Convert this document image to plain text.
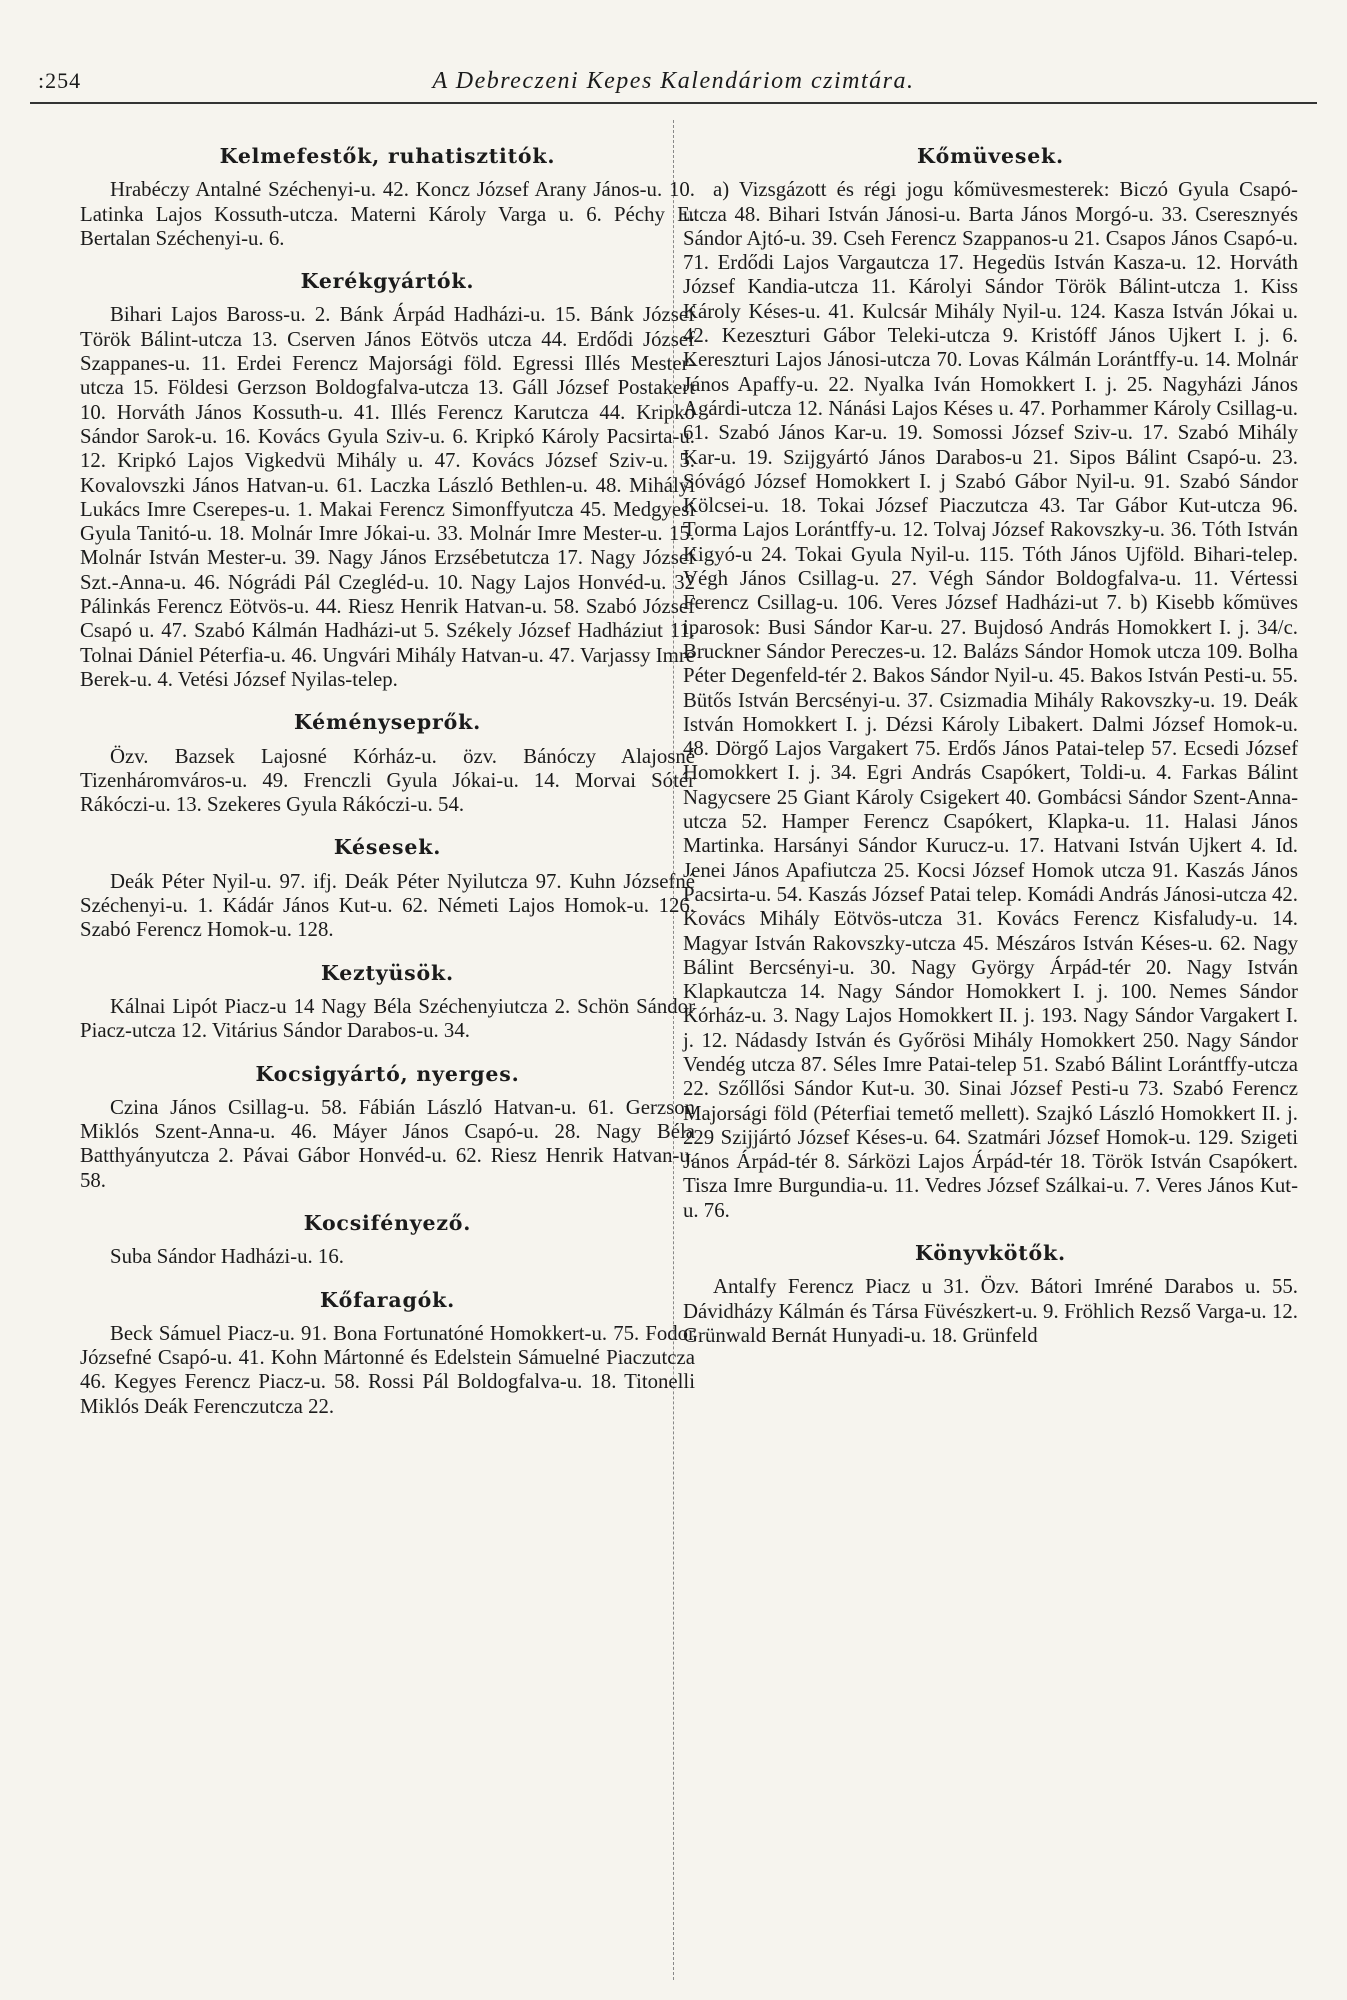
:254	A Debreczeni Kepes Kalendáriom czimtára.
Kelmefestők, ruhatisztitók.

Hrabéczy Antalné Széchenyi-u. 42. Koncz József Arany János-u. 10. Latinka Lajos Kossuth-utcza. Materni Károly Varga u. 6. Péchy E. Bertalan Széchenyi-u. 6.

Kerékgyártók.

Bihari Lajos Baross-u. 2. Bánk Árpád Hadházi-u. 15. Bánk József Török Bálint-utcza 13. Cserven János Eötvös utcza 44. Erdődi József Szappanes-u. 11. Erdei Ferencz Majorsági föld. Egressi Illés Mester-utcza 15. Földesi Gerzson Boldogfalva-utcza 13. Gáll József Postakert 10. Horváth János Kossuth-u. 41. Illés Ferencz Karutcza 44. Kripkó Sándor Sarok-u. 16. Kovács Gyula Sziv-u. 6. Kripkó Károly Pacsirta-u. 12. Kripkó Lajos Vigkedvü Mihály u. 47. Kovács József Sziv-u. 5. Kovalovszki János Hatvan-u. 61. Laczka László Bethlen-u. 48. Mihályi Lukács Imre Cserepes-u. 1. Makai Ferencz Simonffyutcza 45. Medgyesi Gyula Tanitó-u. 18. Molnár Imre Jókai-u. 33. Molnár Imre Mester-u. 15. Molnár István Mester-u. 39. Nagy János Erzsébetutcza 17. Nagy József Szt.-Anna-u. 46. Nógrádi Pál Czegléd-u. 10. Nagy Lajos Honvéd-u. 32 Pálinkás Ferencz Eötvös-u. 44. Riesz Henrik Hatvan-u. 58. Szabó József Csapó u. 47. Szabó Kálmán Hadházi-ut 5. Székely József Hadháziut 11. Tolnai Dániel Péterfia-u. 46. Ungvári Mihály Hatvan-u. 47. Varjassy Imre Berek-u. 4. Vetési József Nyilas-telep.

Kéményseprők.

Özv. Bazsek Lajosné Kórház-u. özv. Bánóczy Alajosné Tizenháromváros-u. 49. Frenczli Gyula Jókai-u. 14. Morvai Sótér Rákóczi-u. 13. Szekeres Gyula Rákóczi-u. 54.

Késesek.

Deák Péter Nyil-u. 97. ifj. Deák Péter Nyilutcza 97. Kuhn Józsefné Széchenyi-u. 1. Kádár János Kut-u. 62. Németi Lajos Homok-u. 126. Szabó Ferencz Homok-u. 128.

Keztyüsök.

Kálnai Lipót Piacz-u 14 Nagy Béla Széchenyiutcza 2. Schön Sándor Piacz-utcza 12. Vitárius Sándor Darabos-u. 34.

Kocsigyártó, nyerges.

Czina János Csillag-u. 58. Fábián László Hatvan-u. 61. Gerzson Miklós Szent-Anna-u. 46. Máyer János Csapó-u. 28. Nagy Béla Batthyányutcza 2. Pávai Gábor Honvéd-u. 62. Riesz Henrik Hatvan-u. 58.

Kocsifényező.

Suba Sándor Hadházi-u. 16.

Kőfaragók.

Beck Sámuel Piacz-u. 91. Bona Fortunatóné Homokkert-u. 75. Fodor Józsefné Csapó-u. 41. Kohn Mártonné és Edelstein Sámuelné Piaczutcza 46. Kegyes Ferencz Piacz-u. 58. Rossi Pál Boldogfalva-u. 18. Titonelli Miklós Deák Ferenczutcza 22.

Kőmüvesek.

a) Vizsgázott és régi jogu kőmüvesmesterek: Biczó Gyula Csapó-utcza 48. Bihari István Jánosi-u. Barta János Morgó-u. 33. Cseresznyés Sándor Ajtó-u. 39. Cseh Ferencz Szappanos-u 21. Csapos János Csapó-u. 71. Erdődi Lajos Vargautcza 17. Hegedüs István Kasza-u. 12. Horváth József Kandia-utcza 11. Károlyi Sándor Török Bálint-utcza 1. Kiss Károly Késes-u. 41. Kulcsár Mihály Nyil-u. 124. Kasza István Jókai u. 42. Kezeszturi Gábor Teleki-utcza 9. Kristóff János Ujkert I. j. 6. Kereszturi Lajos Jánosi-utcza 70. Lovas Kálmán Lorántffy-u. 14. Molnár János Apaffy-u. 22. Nyalka Iván Homokkert I. j. 25. Nagyházi János Agárdi-utcza 12. Nánási Lajos Késes u. 47. Porhammer Károly Csillag-u. 61. Szabó János Kar-u. 19. Somossi József Sziv-u. 17. Szabó Mihály Kar-u. 19. Szijgyártó János Darabos-u 21. Sipos Bálint Csapó-u. 23. Sóvágó József Homokkert I. j Szabó Gábor Nyil-u. 91. Szabó Sándor Kölcsei-u. 18. Tokai József Piaczutcza 43. Tar Gábor Kut-utcza 96. Torma Lajos Lorántffy-u. 12. Tolvaj József Rakovszky-u. 36. Tóth István Kigyó-u 24. Tokai Gyula Nyil-u. 115. Tóth János Ujföld. Bihari-telep. Végh János Csillag-u. 27. Végh Sándor Boldogfalva-u. 11. Vértessi Ferencz Csillag-u. 106. Veres József Hadházi-ut 7. b) Kisebb kőmüves iparosok: Busi Sándor Kar-u. 27. Bujdosó András Homokkert I. j. 34/c. Bruckner Sándor Pereczes-u. 12. Balázs Sándor Homok utcza 109. Bolha Péter Degenfeld-tér 2. Bakos Sándor Nyil-u. 45. Bakos István Pesti-u. 55. Bütős István Bercsényi-u. 37. Csizmadia Mihály Rakovszky-u. 19. Deák István Homokkert I. j. Dézsi Károly Libakert. Dalmi József Homok-u. 48. Dörgő Lajos Vargakert 75. Erdős János Patai-telep 57. Ecsedi József Homokkert I. j. 34. Egri András Csapókert, Toldi-u. 4. Farkas Bálint Nagycsere 25 Giant Károly Csigekert 40. Gombácsi Sándor Szent-Anna-utcza 52. Hamper Ferencz Csapókert, Klapka-u. 11. Halasi János Martinka. Harsányi Sándor Kurucz-u. 17. Hatvani István Ujkert 4. Id. Jenei János Apafiutcza 25. Kocsi József Homok utcza 91. Kaszás János Pacsirta-u. 54. Kaszás József Patai telep. Komádi András Jánosi-utcza 42. Kovács Mihály Eötvös-utcza 31. Kovács Ferencz Kisfaludy-u. 14. Magyar István Rakovszky-utcza 45. Mészáros István Késes-u. 62. Nagy Bálint Bercsényi-u. 30. Nagy György Árpád-tér 20. Nagy István Klapkautcza 14. Nagy Sándor Homokkert I. j. 100. Nemes Sándor Kórház-u. 3. Nagy Lajos Homokkert II. j. 193. Nagy Sándor Vargakert I. j. 12. Nádasdy István és Győrösi Mihály Homokkert 250. Nagy Sándor Vendég utcza 87. Séles Imre Patai-telep 51. Szabó Bálint Lorántffy-utcza 22. Szőllősi Sándor Kut-u. 30. Sinai József Pesti-u 73. Szabó Ferencz Majorsági föld (Péterfiai temető mellett). Szajkó László Homokkert II. j. 229 Szijjártó József Késes-u. 64. Szatmári József Homok-u. 129. Szigeti János Árpád-tér 8. Sárközi Lajos Árpád-tér 18. Török István Csapókert. Tisza Imre Burgundia-u. 11. Vedres József Szálkai-u. 7. Veres János Kut-u. 76.

Könyvkötők.

Antalfy Ferencz Piacz u 31. Özv. Bátori Imréné Darabos u. 55. Dávidházy Kálmán és Társa Füvészkert-u. 9. Fröhlich Rezső Varga-u. 12. Grünwald Bernát Hunyadi-u. 18. Grünfeld
